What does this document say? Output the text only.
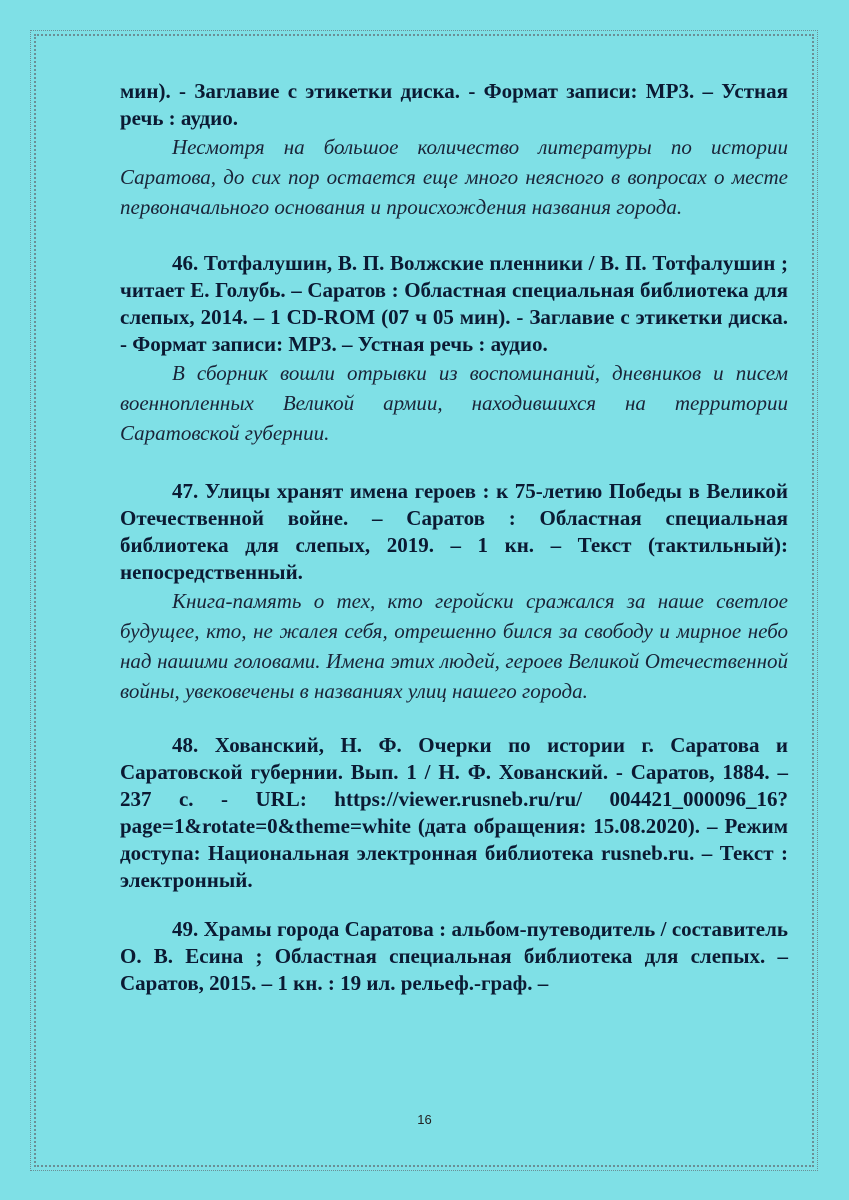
мин). - Заглавие с этикетки диска. - Формат записи: MP3. – Устная речь : аудио.

Несмотря на большое количество литературы по истории Саратова, до сих пор остается еще много неясного в вопросах о месте первоначального основания и происхождения названия города.

46. Тотфалушин, В. П. Волжские пленники / В. П. Тотфалушин ; читает Е. Голубь. – Саратов : Областная специальная библиотека для слепых, 2014. – 1 CD-ROM (07 ч 05 мин). - Заглавие с этикетки диска. - Формат записи: MP3. – Устная речь : аудио.

В сборник вошли отрывки из воспоминаний, дневников и писем военнопленных Великой армии, находившихся на территории Саратовской губернии.

47. Улицы хранят имена героев : к 75-летию Победы в Великой Отечественной войне. – Саратов : Областная специальная библиотека для слепых, 2019. – 1 кн. – Текст (тактильный): непосредственный.

Книга-память о тех, кто геройски сражался за наше светлое будущее, кто, не жалея себя, отрешенно бился за свободу и мирное небо над нашими головами. Имена этих людей, героев Великой Отечественной войны, увековечены в названиях улиц нашего города.

48. Хованский, Н. Ф. Очерки по истории г. Саратова и Саратовской губернии. Вып. 1 / Н. Ф. Хованский. - Саратов, 1884. – 237 с. - URL: https://viewer.rusneb.ru/ru/ 004421_000096_16?page=1&rotate=0&theme=white (дата обращения: 15.08.2020). – Режим доступа: Национальная электронная библиотека rusneb.ru. – Текст : электронный.

49. Храмы города Саратова : альбом-путеводитель / составитель О. В. Есина ; Областная специальная библиотека для слепых. – Саратов, 2015. – 1 кн. : 19 ил. рельеф.-граф. –

16
